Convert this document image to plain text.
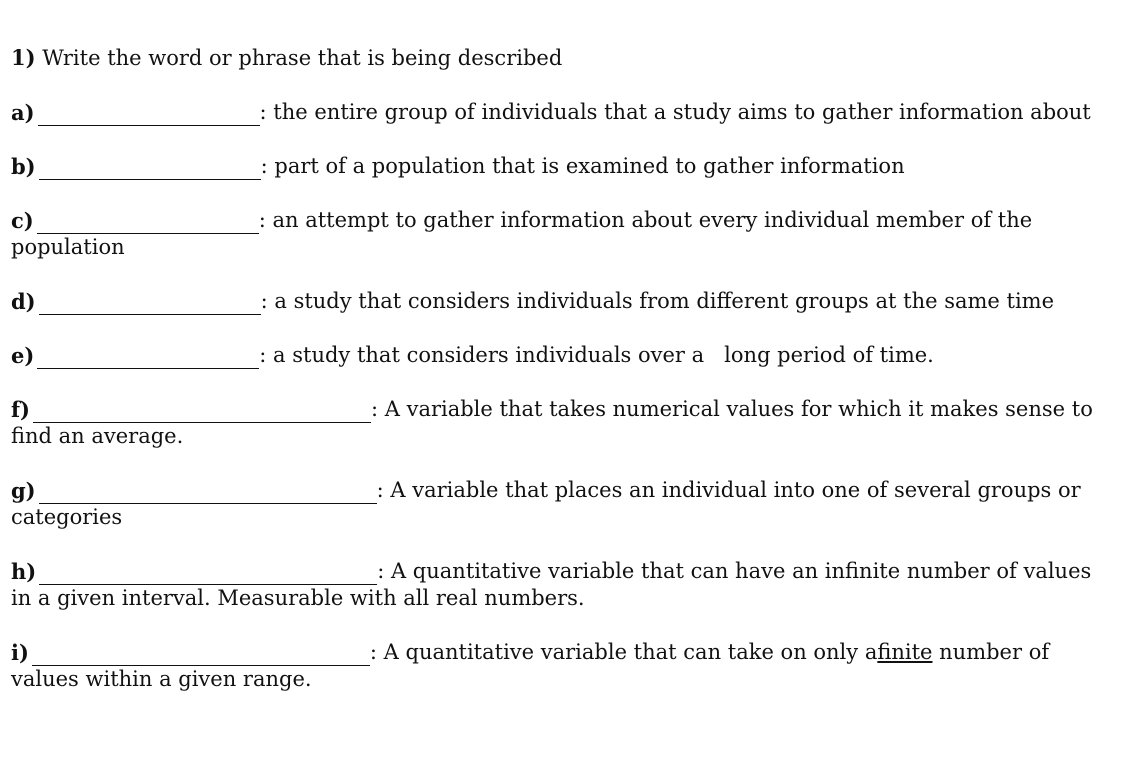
1) Write the word or phrase that is being described
a)	: the entire group of individuals that a study aims to gather information about
b)	: part of a population that is examined to gather information
c)	: an attempt to gather information about every individual member of the
population
d)	: a study that considers individuals from different groups at the same time
e)	: a study that considers individuals over a   long period of time.
f)	: A variable that takes numerical values for which it makes sense to
find an average.
g)	: A variable that places an individual into one of several groups or
categories
h)	: A quantitative variable that can have an infinite number of values
in a given interval. Measurable with all real numbers.
i)	: A quantitative variable that can take on only afinite number of
values within a given range.
